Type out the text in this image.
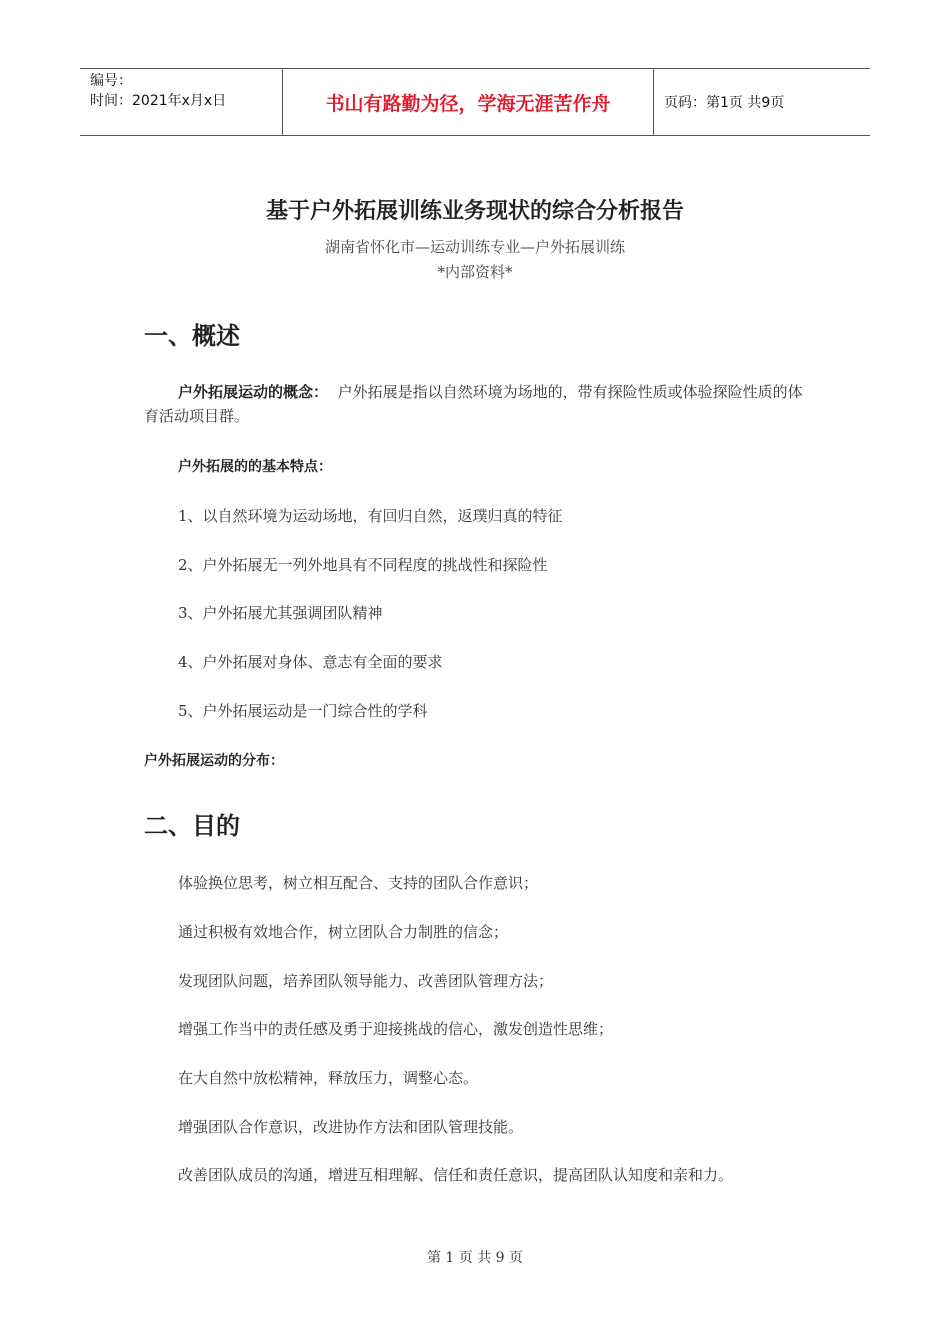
编号：
时间：2021年x月x日	书山有路勤为径，学海无涯苦作舟	页码：第1页 共9页
基于户外拓展训练业务现状的综合分析报告
湖南省怀化市—运动训练专业—户外拓展训练
*内部资料*
一、概述
户外拓展运动的概念： 户外拓展是指以自然环境为场地的，带有探险性质或体验探险性质的体育活动项目群。
户外拓展的的基本特点：
1、以自然环境为运动场地，有回归自然，返璞归真的特征
2、户外拓展无一列外地具有不同程度的挑战性和探险性
3、户外拓展尤其强调团队精神
4、户外拓展对身体、意志有全面的要求
5、户外拓展运动是一门综合性的学科
户外拓展运动的分布：
二、目的
体验换位思考，树立相互配合、支持的团队合作意识；
通过积极有效地合作，树立团队合力制胜的信念；
发现团队问题，培养团队领导能力、改善团队管理方法；
增强工作当中的责任感及勇于迎接挑战的信心，激发创造性思维；
在大自然中放松精神，释放压力，调整心态。
增强团队合作意识，改进协作方法和团队管理技能。
改善团队成员的沟通，增进互相理解、信任和责任意识，提高团队认知度和亲和力。
第 1 页 共 9 页
